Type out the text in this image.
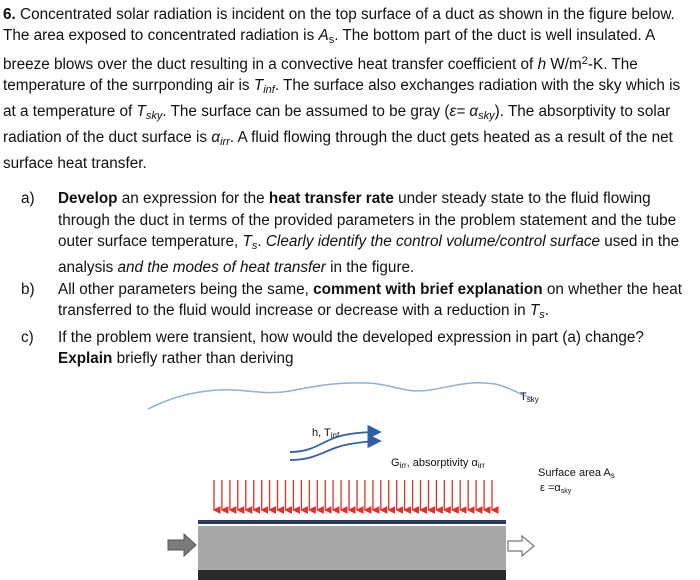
6. Concentrated solar radiation is incident on the top surface of a duct as shown in the figure below. The area exposed to concentrated radiation is $A_s$. The bottom part of the duct is well insulated. A breeze blows over the duct resulting in a convective heat transfer coefficient of h $W/m^2-K$. The temperature of the surrponding air is $T_{inf}$. The surface also exchanges radiation with the sky which is at a temperature of $T_{sky}$. The surface can be assumed to be gray $(\varepsilon= \alpha_{sky})$. The absorptivity to solar radiation of the duct surface is $\alpha_{irr}$. A fluid flowing through the duct gets heated as a result of the net surface heat transfer.
a) Develop an expression for the heat transfer rate under steady state to the fluid flowing through the duct in terms of the provided parameters in the problem statement and the tube outer surface temperature, $T_s$. Clearly identify the control volume/control surface used in the analysis and the modes of heat transfer in the figure.
b) All other parameters being the same, comment with brief explanation on whether the heat transferred to the fluid would increase or decrease with a reduction in $T_s$.
c) If the problem were transient, how would the developed expression in part (a) change? Explain briefly rather than deriving
Tsky
h, Tinf
Girr, absorptivity αirr
Surface area As
ε =αsky
